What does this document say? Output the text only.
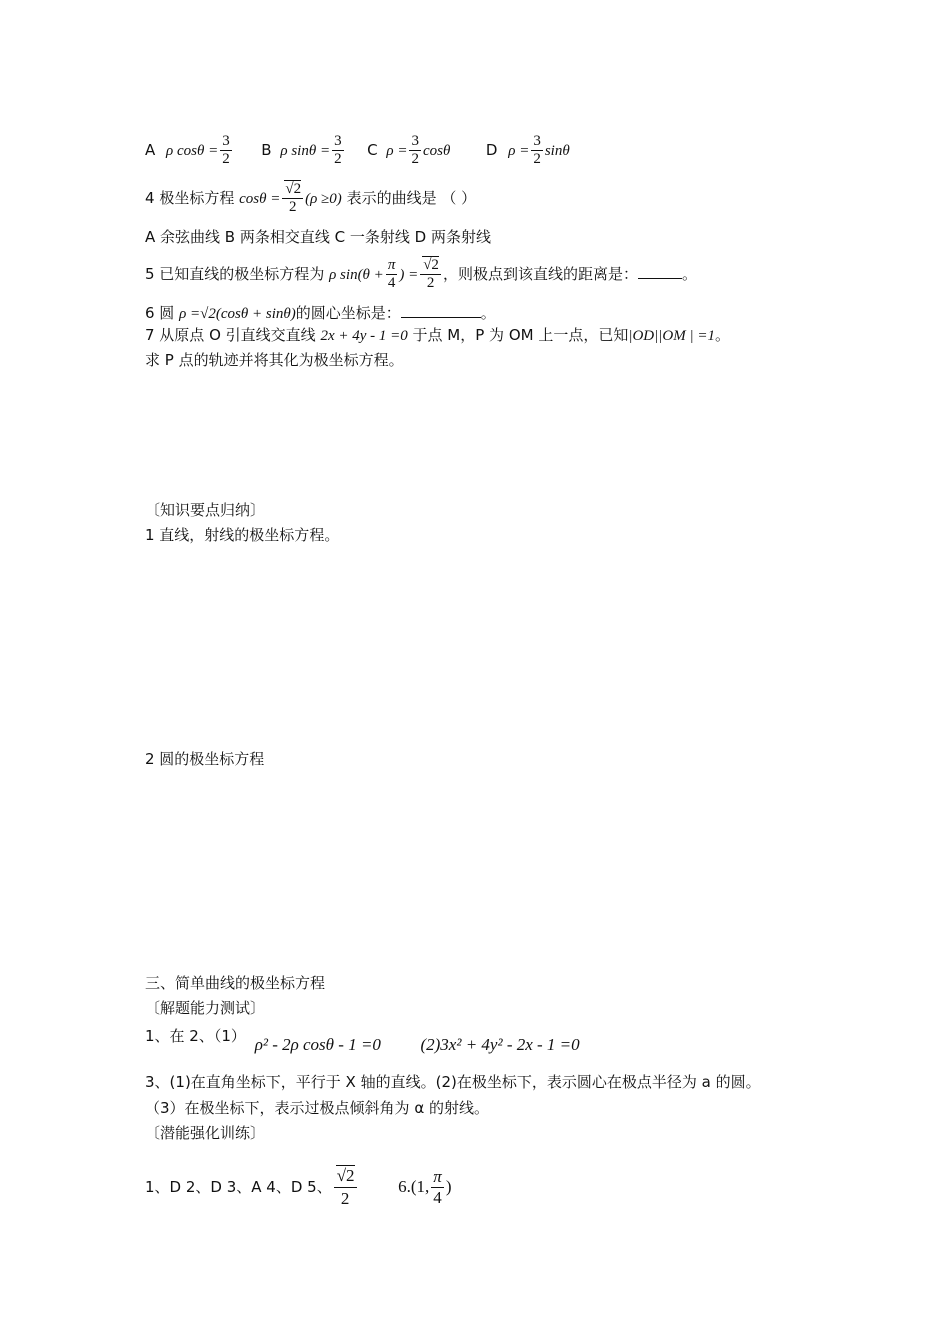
A ρ $\cos\theta = \frac{3}{2}$ B ρ $\sin\theta = \frac{3}{2}$ C $\rho = \frac{3}{2}$ cosθ D $\rho = \frac{3}{2}$ sinθ
4 极坐标方程 $\cos\theta = \frac{√2}{2} (\rho \ge 0)$ 表示的曲线是 （ ）
A 余弦曲线 B 两条相交直线 C 一条射线 D 两条射线
5 已知直线的极坐标方程为 ρ $\sin(\theta + \frac{\pi}{4}$ ) = $\frac{√2}{2}$ ，则极点到该直线的距离是：	。
6 圆 ρ =√2(cosθ + sinθ)的圆心坐标是：	。
7 从原点 O 引直线交直线 2x + 4y - 1 =0 于点 M，P 为 OM 上一点，已知|OD||OM | =1。
求 P 点的轨迹并将其化为极坐标方程。
〔知识要点归纳〕
1 直线，射线的极坐标方程。
2 圆的极坐标方程
三、简单曲线的极坐标方程
〔解题能力测试〕
1、在 2、（1） ρ² - 2ρ cosθ - 1 =0 (2)3x² + 4y² - 2x - 1 =0
3、(1)在直角坐标下，平行于 X 轴的直线。(2)在极坐标下，表示圆心在极点半径为 a 的圆。
（3）在极坐标下，表示过极点倾斜角为 α 的射线。
〔潜能强化训练〕
1、D 2、D 3、A 4、D 5、 $\frac{√2}{2} 6.(1$, $\frac{\pi}{4}$ )
